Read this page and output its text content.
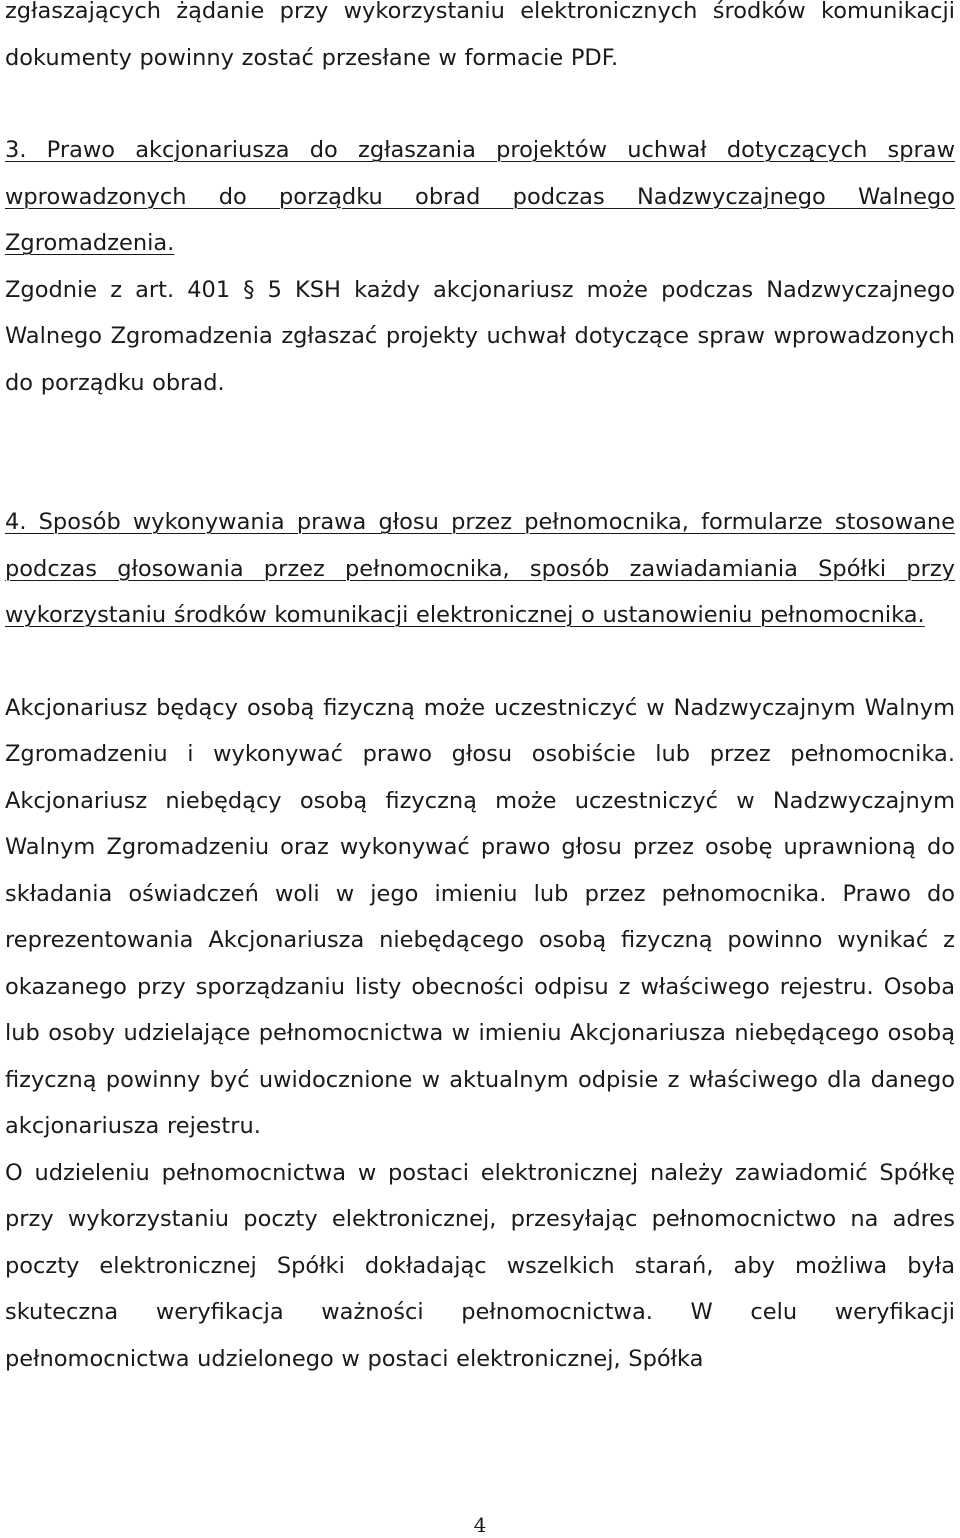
zgłaszających żądanie przy wykorzystaniu elektronicznych środków komunikacji dokumenty powinny zostać przesłane w formacie PDF.

3. Prawo akcjonariusza do zgłaszania projektów uchwał dotyczących spraw wprowadzonych do porządku obrad podczas Nadzwyczajnego Walnego Zgromadzenia.

Zgodnie z art. 401 § 5 KSH każdy akcjonariusz może podczas Nadzwyczajnego Walnego Zgromadzenia zgłaszać projekty uchwał dotyczące spraw wprowadzonych do porządku obrad.

4. Sposób wykonywania prawa głosu przez pełnomocnika, formularze stosowane podczas głosowania przez pełnomocnika, sposób zawiadamiania Spółki przy wykorzystaniu środków komunikacji elektronicznej o ustanowieniu pełnomocnika.

Akcjonariusz będący osobą fizyczną może uczestniczyć w Nadzwyczajnym Walnym Zgromadzeniu i wykonywać prawo głosu osobiście lub przez pełnomocnika. Akcjonariusz niebędący osobą fizyczną może uczestniczyć w Nadzwyczajnym Walnym Zgromadzeniu oraz wykonywać prawo głosu przez osobę uprawnioną do składania oświadczeń woli w jego imieniu lub przez pełnomocnika. Prawo do reprezentowania Akcjonariusza niebędącego osobą fizyczną powinno wynikać z okazanego przy sporządzaniu listy obecności odpisu z właściwego rejestru. Osoba lub osoby udzielające pełnomocnictwa w imieniu Akcjonariusza niebędącego osobą fizyczną powinny być uwidocznione w aktualnym odpisie z właściwego dla danego akcjonariusza rejestru.

O udzieleniu pełnomocnictwa w postaci elektronicznej należy zawiadomić Spółkę przy wykorzystaniu poczty elektronicznej, przesyłając pełnomocnictwo na adres poczty elektronicznej Spółki dokładając wszelkich starań, aby możliwa była skuteczna weryfikacja ważności pełnomocnictwa. W celu weryfikacji pełnomocnictwa udzielonego w postaci elektronicznej, Spółka

4
